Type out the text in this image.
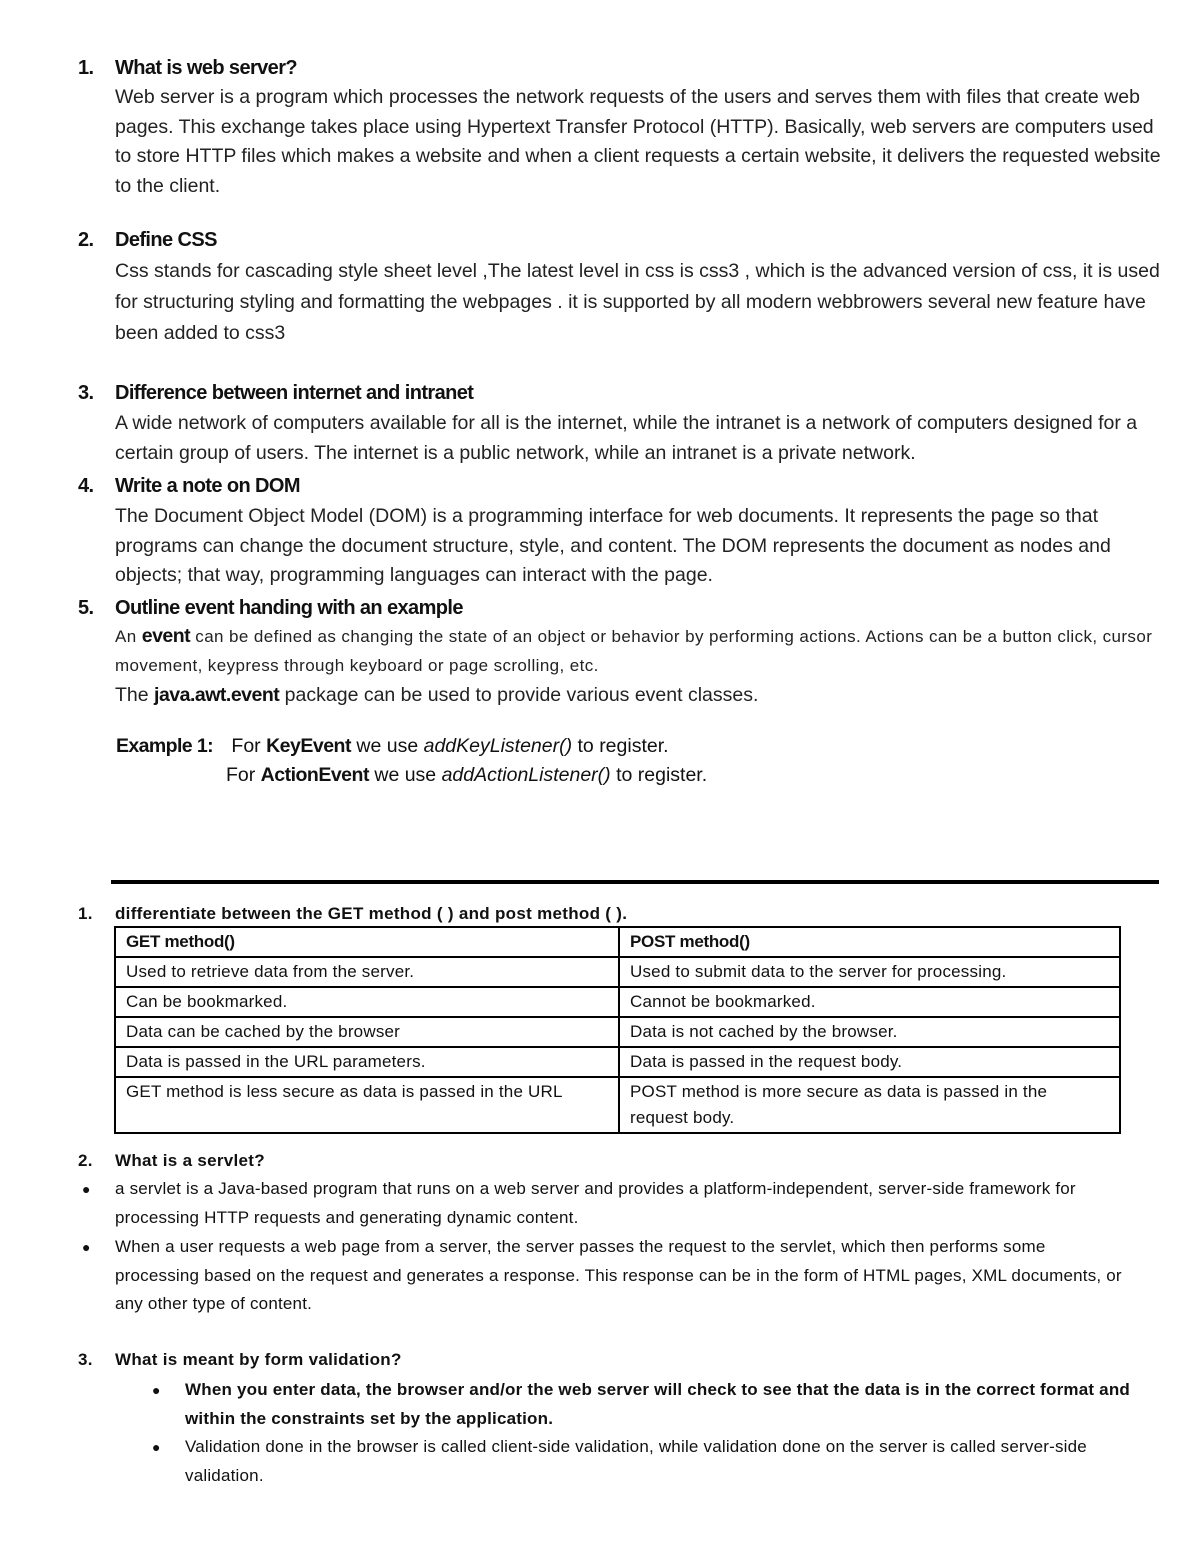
1.	What is web server?
Web server is a program which processes the network requests of the users and serves them with files that create web pages. This exchange takes place using Hypertext Transfer Protocol (HTTP). Basically, web servers are computers used to store HTTP files which makes a website and when a client requests a certain website, it delivers the requested website to the client.
2.	Define CSS
Css stands for cascading style sheet level ,The latest level in css is css3 , which is the advanced version of css, it is used for structuring styling and formatting the webpages . it is supported by all modern webbrowers several new feature have been added to css3
3.	Difference between internet and intranet
A wide network of computers available for all is the internet, while the intranet is a network of computers designed for a certain group of users. The internet is a public network, while an intranet is a private network.
4.	Write a note on DOM
The Document Object Model (DOM) is a programming interface for web documents. It represents the page so that programs can change the document structure, style, and content. The DOM represents the document as nodes and objects; that way, programming languages can interact with the page.
5.	Outline event handing with an example
An event can be defined as changing the state of an object or behavior by performing actions. Actions can be a button click, cursor movement, keypress through keyboard or page scrolling, etc.
The java.awt.event package can be used to provide various event classes.
Example 1: For KeyEvent we use addKeyListener() to register.
For ActionEvent we use addActionListener() to register.
1.	differentiate between the GET method ( ) and post method ( ).
GET method()	POST method()
Used to retrieve data from the server.	Used to submit data to the server for processing.
Can be bookmarked.	Cannot be bookmarked.
Data can be cached by the browser	Data is not cached by the browser.
Data is passed in the URL parameters.	Data is passed in the request body.
GET method is less secure as data is passed in the URL	POST method is more secure as data is passed in the request body.
2.	What is a servlet?
● a servlet is a Java-based program that runs on a web server and provides a platform-independent, server-side framework for processing HTTP requests and generating dynamic content.
● When a user requests a web page from a server, the server passes the request to the servlet, which then performs some processing based on the request and generates a response. This response can be in the form of HTML pages, XML documents, or any other type of content.
3.	What is meant by form validation?
● When you enter data, the browser and/or the web server will check to see that the data is in the correct format and within the constraints set by the application.
● Validation done in the browser is called client-side validation, while validation done on the server is called server-side validation.
